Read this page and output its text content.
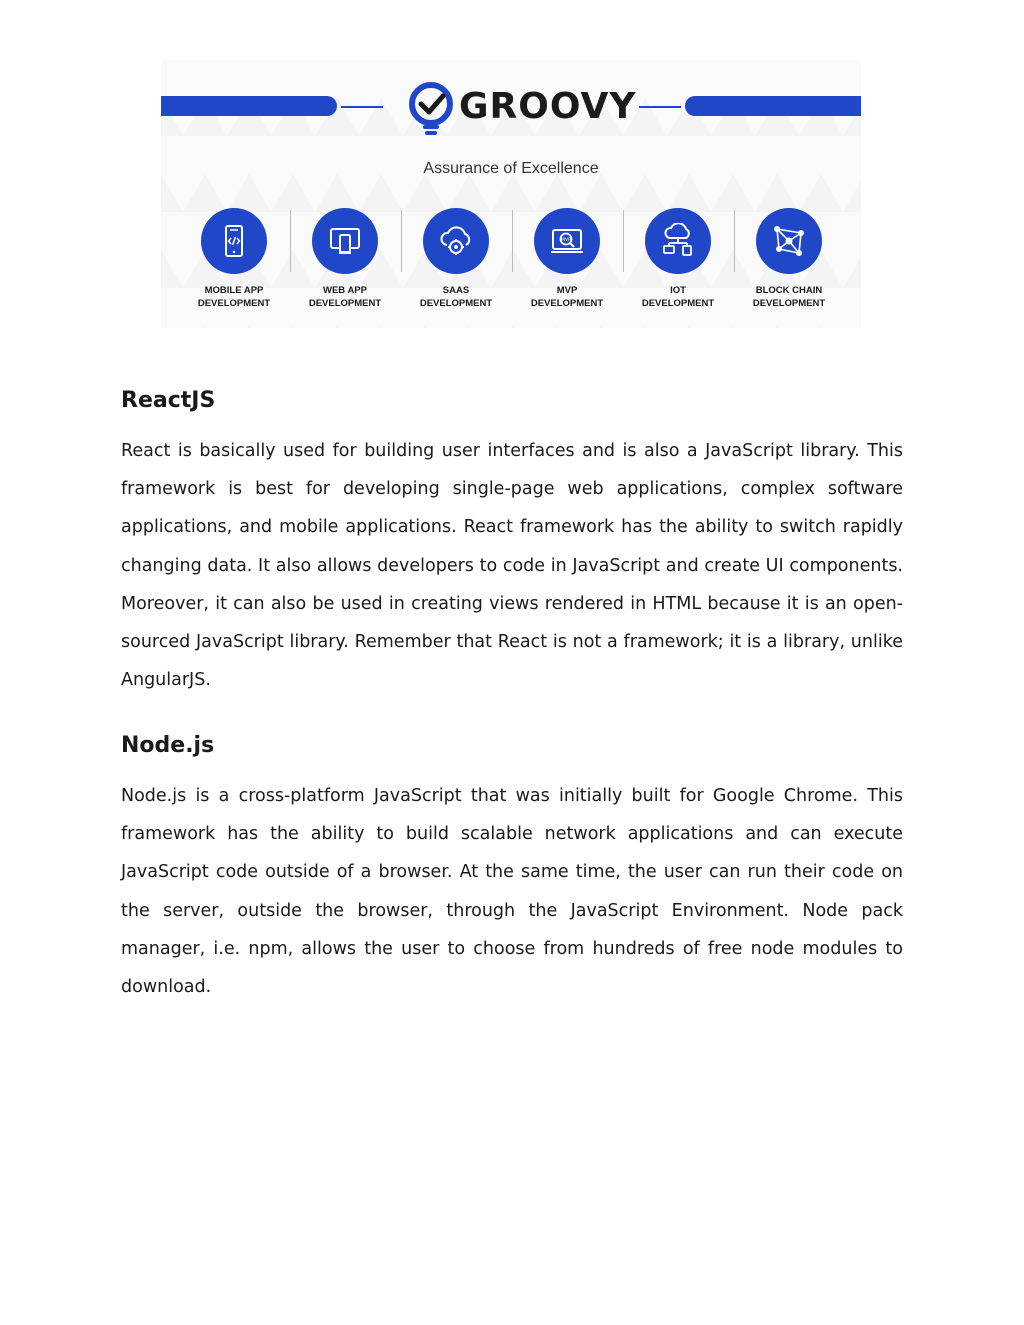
GROOVY
Assurance of Excellence
MOBILE APP
DEVELOPMENT
WEB APP
DEVELOPMENT
SAAS
DEVELOPMENT
MVP
MVP
DEVELOPMENT
IOT
DEVELOPMENT
BLOCK CHAIN
DEVELOPMENT
ReactJS

React is basically used for building user interfaces and is also a JavaScript library. This framework is best for developing single-page web applications, complex software applications, and mobile applications. React framework has the ability to switch rapidly changing data. It also allows developers to code in JavaScript and create UI components. Moreover, it can also be used in creating views rendered in HTML because it is an open-sourced JavaScript library. Remember that React is not a framework; it is a library, unlike AngularJS.

Node.js

Node.js is a cross-platform JavaScript that was initially built for Google Chrome. This framework has the ability to build scalable network applications and can execute JavaScript code outside of a browser. At the same time, the user can run their code on the server, outside the browser, through the JavaScript Environment. Node pack manager, i.e. npm, allows the user to choose from hundreds of free node modules to download.
